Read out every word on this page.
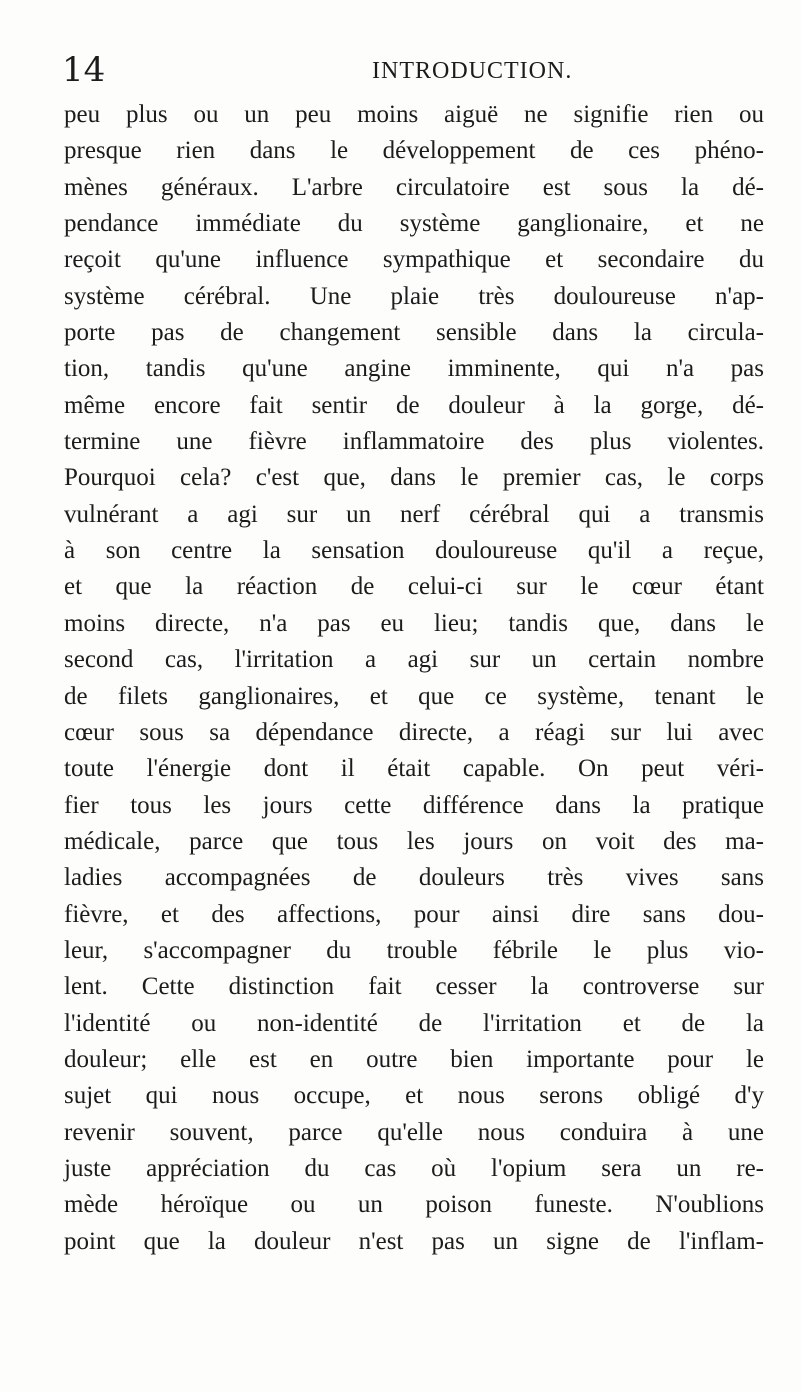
14	INTRODUCTION.
peu plus ou un peu moins aiguë ne signifie rien ou
presque rien dans le développement de ces phéno-
mènes généraux. L'arbre circulatoire est sous la dé-
pendance immédiate du système ganglionaire, et ne
reçoit qu'une influence sympathique et secondaire du
système cérébral. Une plaie très douloureuse n'ap-
porte pas de changement sensible dans la circula-
tion, tandis qu'une angine imminente, qui n'a pas
même encore fait sentir de douleur à la gorge, dé-
termine une fièvre inflammatoire des plus violentes.
Pourquoi cela? c'est que, dans le premier cas, le corps
vulnérant a agi sur un nerf cérébral qui a transmis
à son centre la sensation douloureuse qu'il a reçue,
et que la réaction de celui-ci sur le cœur étant
moins directe, n'a pas eu lieu; tandis que, dans le
second cas, l'irritation a agi sur un certain nombre
de filets ganglionaires, et que ce système, tenant le
cœur sous sa dépendance directe, a réagi sur lui avec
toute l'énergie dont il était capable. On peut véri-
fier tous les jours cette différence dans la pratique
médicale, parce que tous les jours on voit des ma-
ladies accompagnées de douleurs très vives sans
fièvre, et des affections, pour ainsi dire sans dou-
leur, s'accompagner du trouble fébrile le plus vio-
lent. Cette distinction fait cesser la controverse sur
l'identité ou non-identité de l'irritation et de la
douleur; elle est en outre bien importante pour le
sujet qui nous occupe, et nous serons obligé d'y
revenir souvent, parce qu'elle nous conduira à une
juste appréciation du cas où l'opium sera un re-
mède héroïque ou un poison funeste. N'oublions
point que la douleur n'est pas un signe de l'inflam-
